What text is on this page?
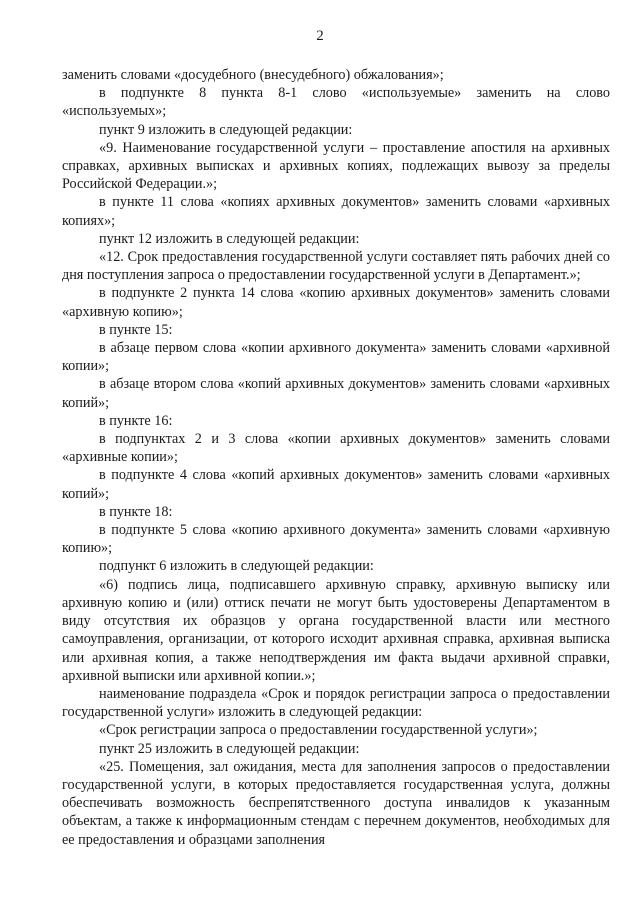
2

заменить словами «досудебного (внесудебного) обжалования»;

в подпункте 8 пункта 8-1 слово «используемые» заменить на слово «используемых»;

пункт 9 изложить в следующей редакции:

«9. Наименование государственной услуги – проставление апостиля на архивных справках, архивных выписках и архивных копиях, подлежащих вывозу за пределы Российской Федерации.»;

в пункте 11 слова «копиях архивных документов» заменить словами «архивных копиях»;

пункт 12 изложить в следующей редакции:

«12. Срок предоставления государственной услуги составляет пять рабочих дней со дня поступления запроса о предоставлении государственной услуги в Департамент.»;

в подпункте 2 пункта 14 слова «копию архивных документов» заменить словами «архивную копию»;

в пункте 15:

в абзаце первом слова «копии архивного документа» заменить словами «архивной копии»;

в абзаце втором слова «копий архивных документов» заменить словами «архивных копий»;

в пункте 16:

в подпунктах 2 и 3 слова «копии архивных документов» заменить словами «архивные копии»;

в подпункте 4 слова «копий архивных документов» заменить словами «архивных копий»;

в пункте 18:

в подпункте 5 слова «копию архивного документа» заменить словами «архивную копию»;

подпункт 6 изложить в следующей редакции:

«6) подпись лица, подписавшего архивную справку, архивную выписку или архивную копию и (или) оттиск печати не могут быть удостоверены Департаментом в виду отсутствия их образцов у органа государственной власти или местного самоуправления, организации, от которого исходит архивная справка, архивная выписка или архивная копия, а также неподтверждения им факта выдачи архивной справки, архивной выписки или архивной копии.»;

наименование подраздела «Срок и порядок регистрации запроса о предоставлении государственной услуги» изложить в следующей редакции:

«Срок регистрации запроса о предоставлении государственной услуги»;

пункт 25 изложить в следующей редакции:

«25. Помещения, зал ожидания, места для заполнения запросов о предоставлении государственной услуги, в которых предоставляется государственная услуга, должны обеспечивать возможность беспрепятственного доступа инвалидов к указанным объектам, а также к информационным стендам с перечнем документов, необходимых для ее предоставления и образцами заполнения
